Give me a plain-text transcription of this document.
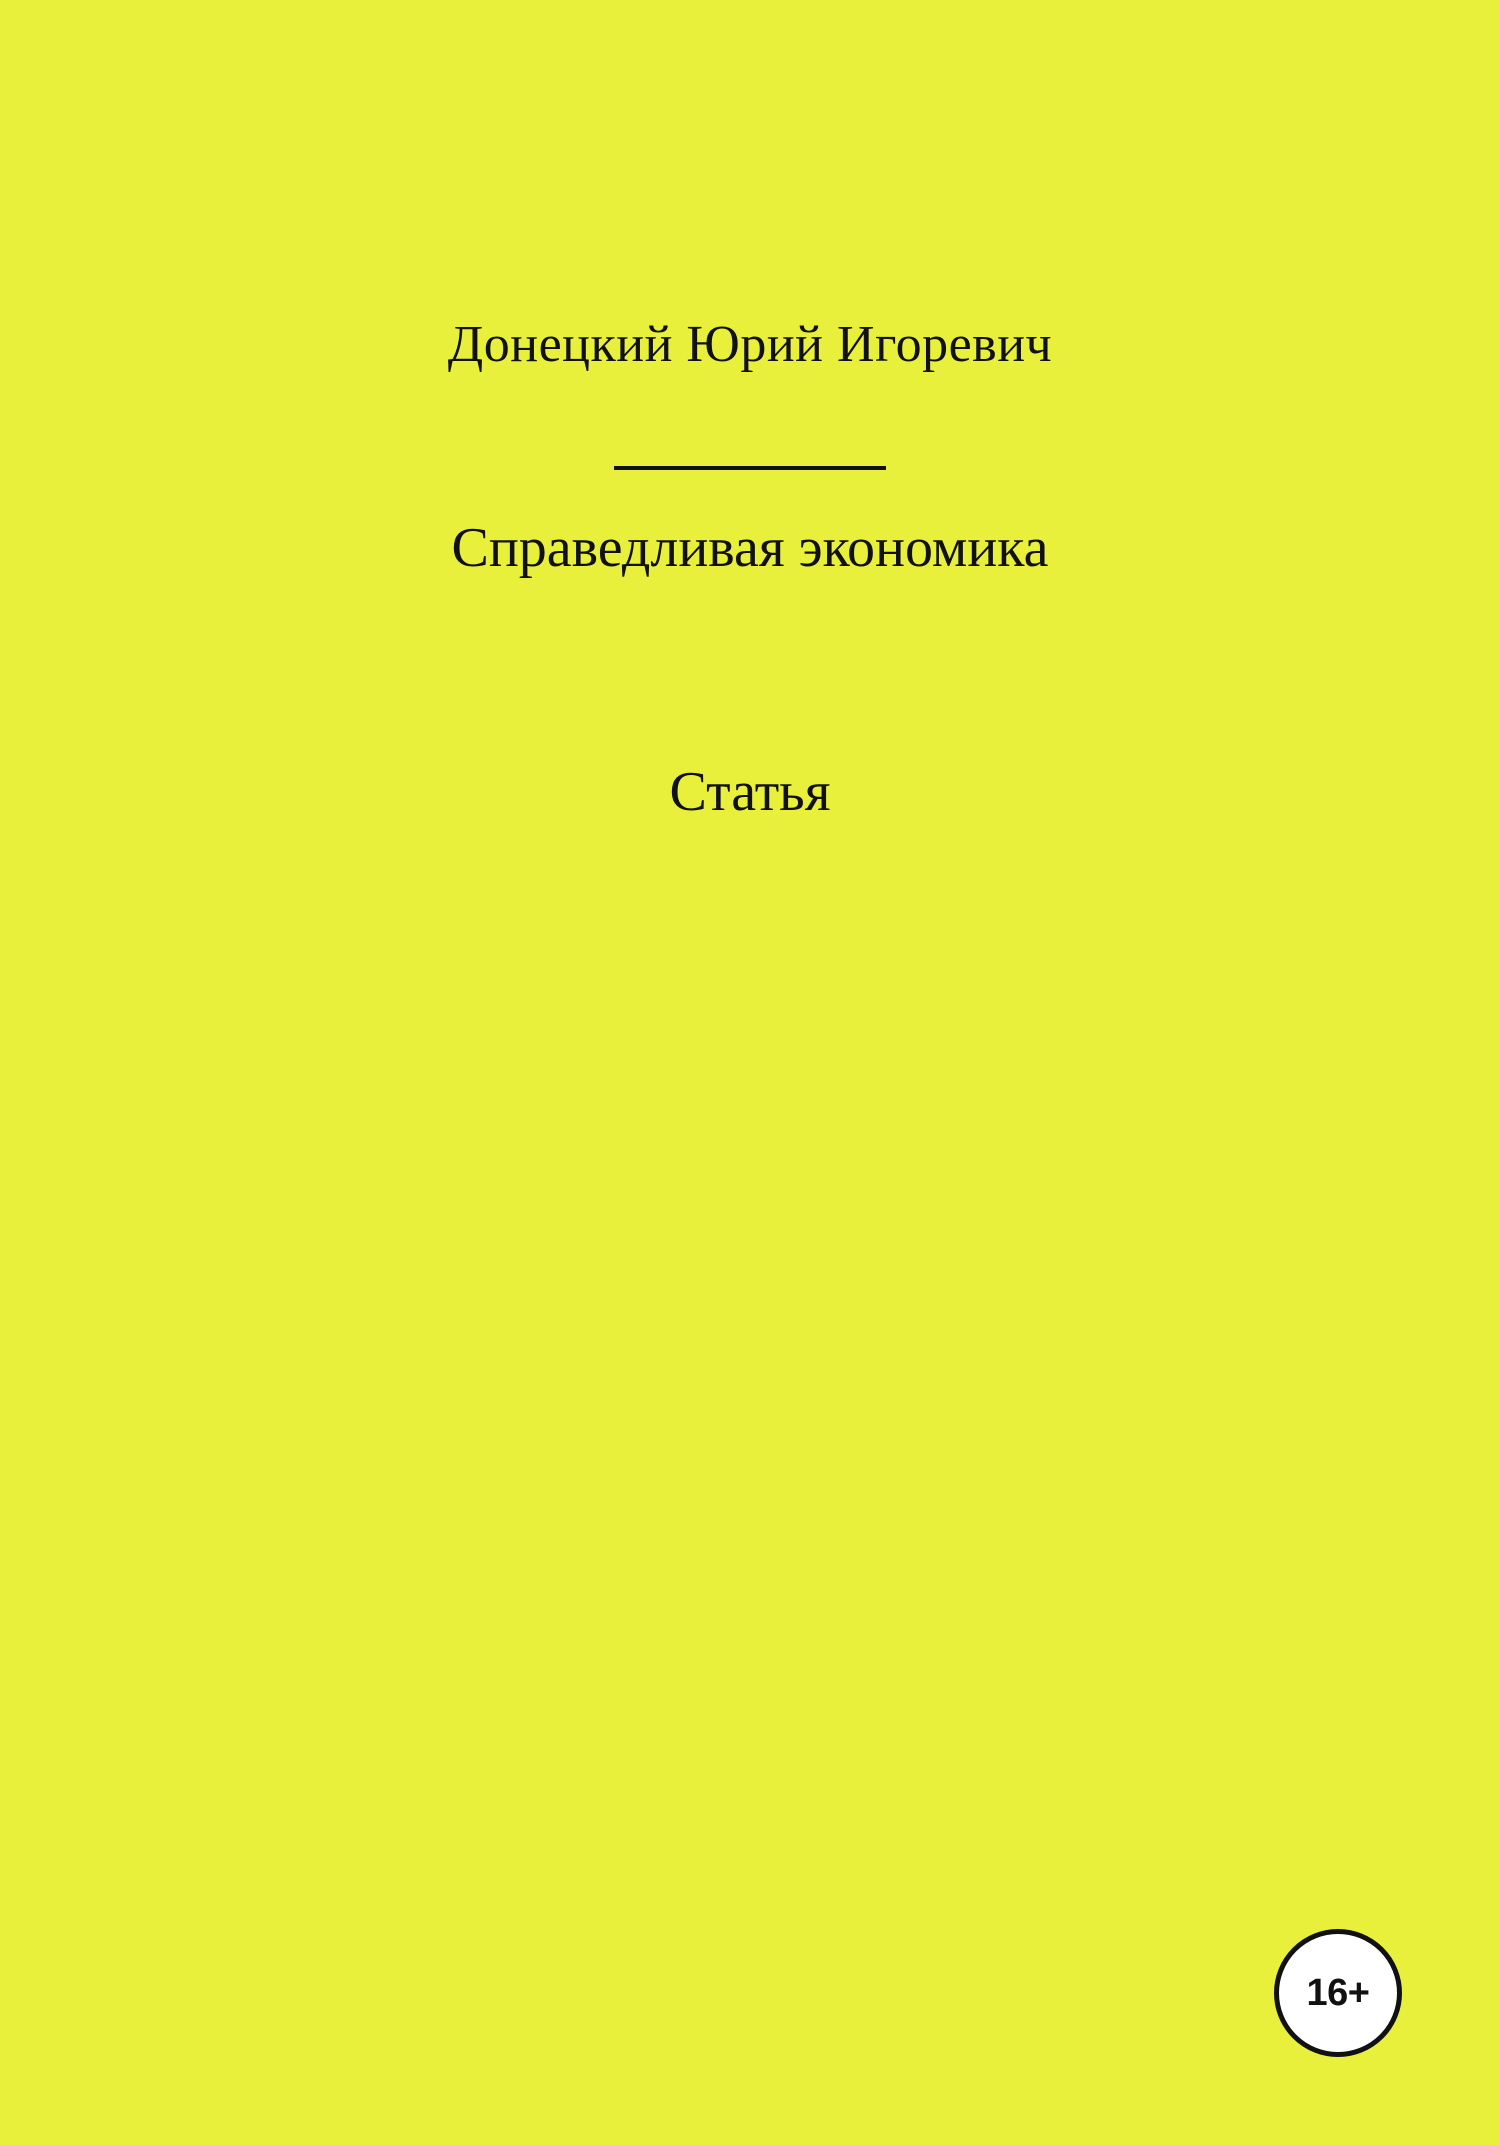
Донецкий Юрий Игоревич
Справедливая экономика
Статья
16+
